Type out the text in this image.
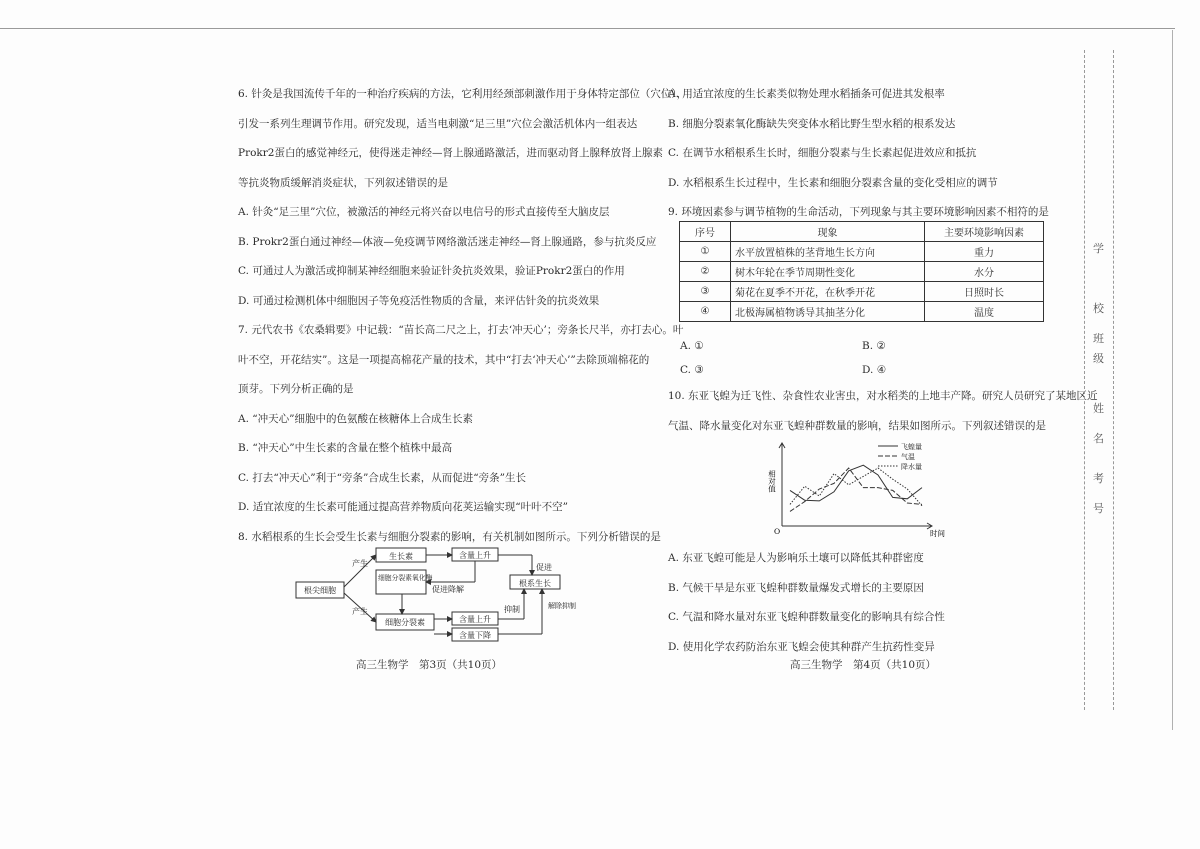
6. 针灸是我国流传千年的一种治疗疾病的方法，它利用经颈部刺激作用于身体特定部位（穴位），
引发一系列生理调节作用。研究发现，适当电刺激“足三里”穴位会激活机体内一组表达
Prokr2蛋白的感觉神经元，使得迷走神经—肾上腺通路激活，进而驱动肾上腺释放肾上腺素
等抗炎物质缓解消炎症状，下列叙述错误的是
A. 针灸“足三里”穴位，被激活的神经元将兴奋以电信号的形式直接传至大脑皮层
B. Prokr2蛋白通过神经—体液—免疫调节网络激活迷走神经—肾上腺通路，参与抗炎反应
C. 可通过人为激活或抑制某神经细胞来验证针灸抗炎效果，验证Prokr2蛋白的作用
D. 可通过检测机体中细胞因子等免疫活性物质的含量，来评估针灸的抗炎效果
7. 元代农书《农桑辑要》中记载：“苗长高二尺之上，打去‘冲天心’；旁条长尺半，亦打去心。叶
叶不空，开花结实”。这是一项提高棉花产量的技术，其中“打去‘冲天心’”去除顶端棉花的
顶芽。下列分析正确的是
A. “冲天心”细胞中的色氨酸在核糖体上合成生长素
B. “冲天心”中生长素的含量在整个植株中最高
C. 打去“冲天心”利于“旁条”合成生长素，从而促进“旁条”生长
D. 适宜浓度的生长素可能通过提高营养物质向花荚运输实现“叶叶不空”
8. 水稻根系的生长会受生长素与细胞分裂素的影响，有关机制如图所示。下列分析错误的是
根尖细胞
生长素
细胞分裂素氧化酶
细胞分裂素
含量上升
含量上升
含量下降
根系生长
产生
产生
促进降解
促进
抑制	解除抑制
高三生物学　第3页（共10页）
A. 用适宜浓度的生长素类似物处理水稻插条可促进其发根率
B. 细胞分裂素氧化酶缺失突变体水稻比野生型水稻的根系发达
C. 在调节水稻根系生长时，细胞分裂素与生长素起促进效应和抵抗
D. 水稻根系生长过程中，生长素和细胞分裂素含量的变化受相应的调节
9. 环境因素参与调节植物的生命活动，下列现象与其主要环境影响因素不相符的是
序号	现象	主要环境影响因素
①	水平放置植株的茎背地生长方向	重力
②	树木年轮在季节周期性变化	水分
③	菊花在夏季不开花，在秋季开花	日照时长
④	北极海属植物诱导其抽茎分化	温度
A. ①	B. ②
C. ③	D. ④
10. 东亚飞蝗为迁飞性、杂食性农业害虫，对水稻类的上地丰产降。研究人员研究了某地区近
气温、降水量变化对东亚飞蝗种群数量的影响，结果如图所示。下列叙述错误的是
相对值
时间
O
飞蝗量
气温
降水量
A. 东亚飞蝗可能是人为影响乐土壤可以降低其种群密度
B. 气候干旱是东亚飞蝗种群数量爆发式增长的主要原因
C. 气温和降水量对东亚飞蝗种群数量变化的影响具有综合性
D. 使用化学农药防治东亚飞蝗会使其种群产生抗药性变异
高三生物学　第4页（共10页）
学
校
班
级
姓
名
考
号
